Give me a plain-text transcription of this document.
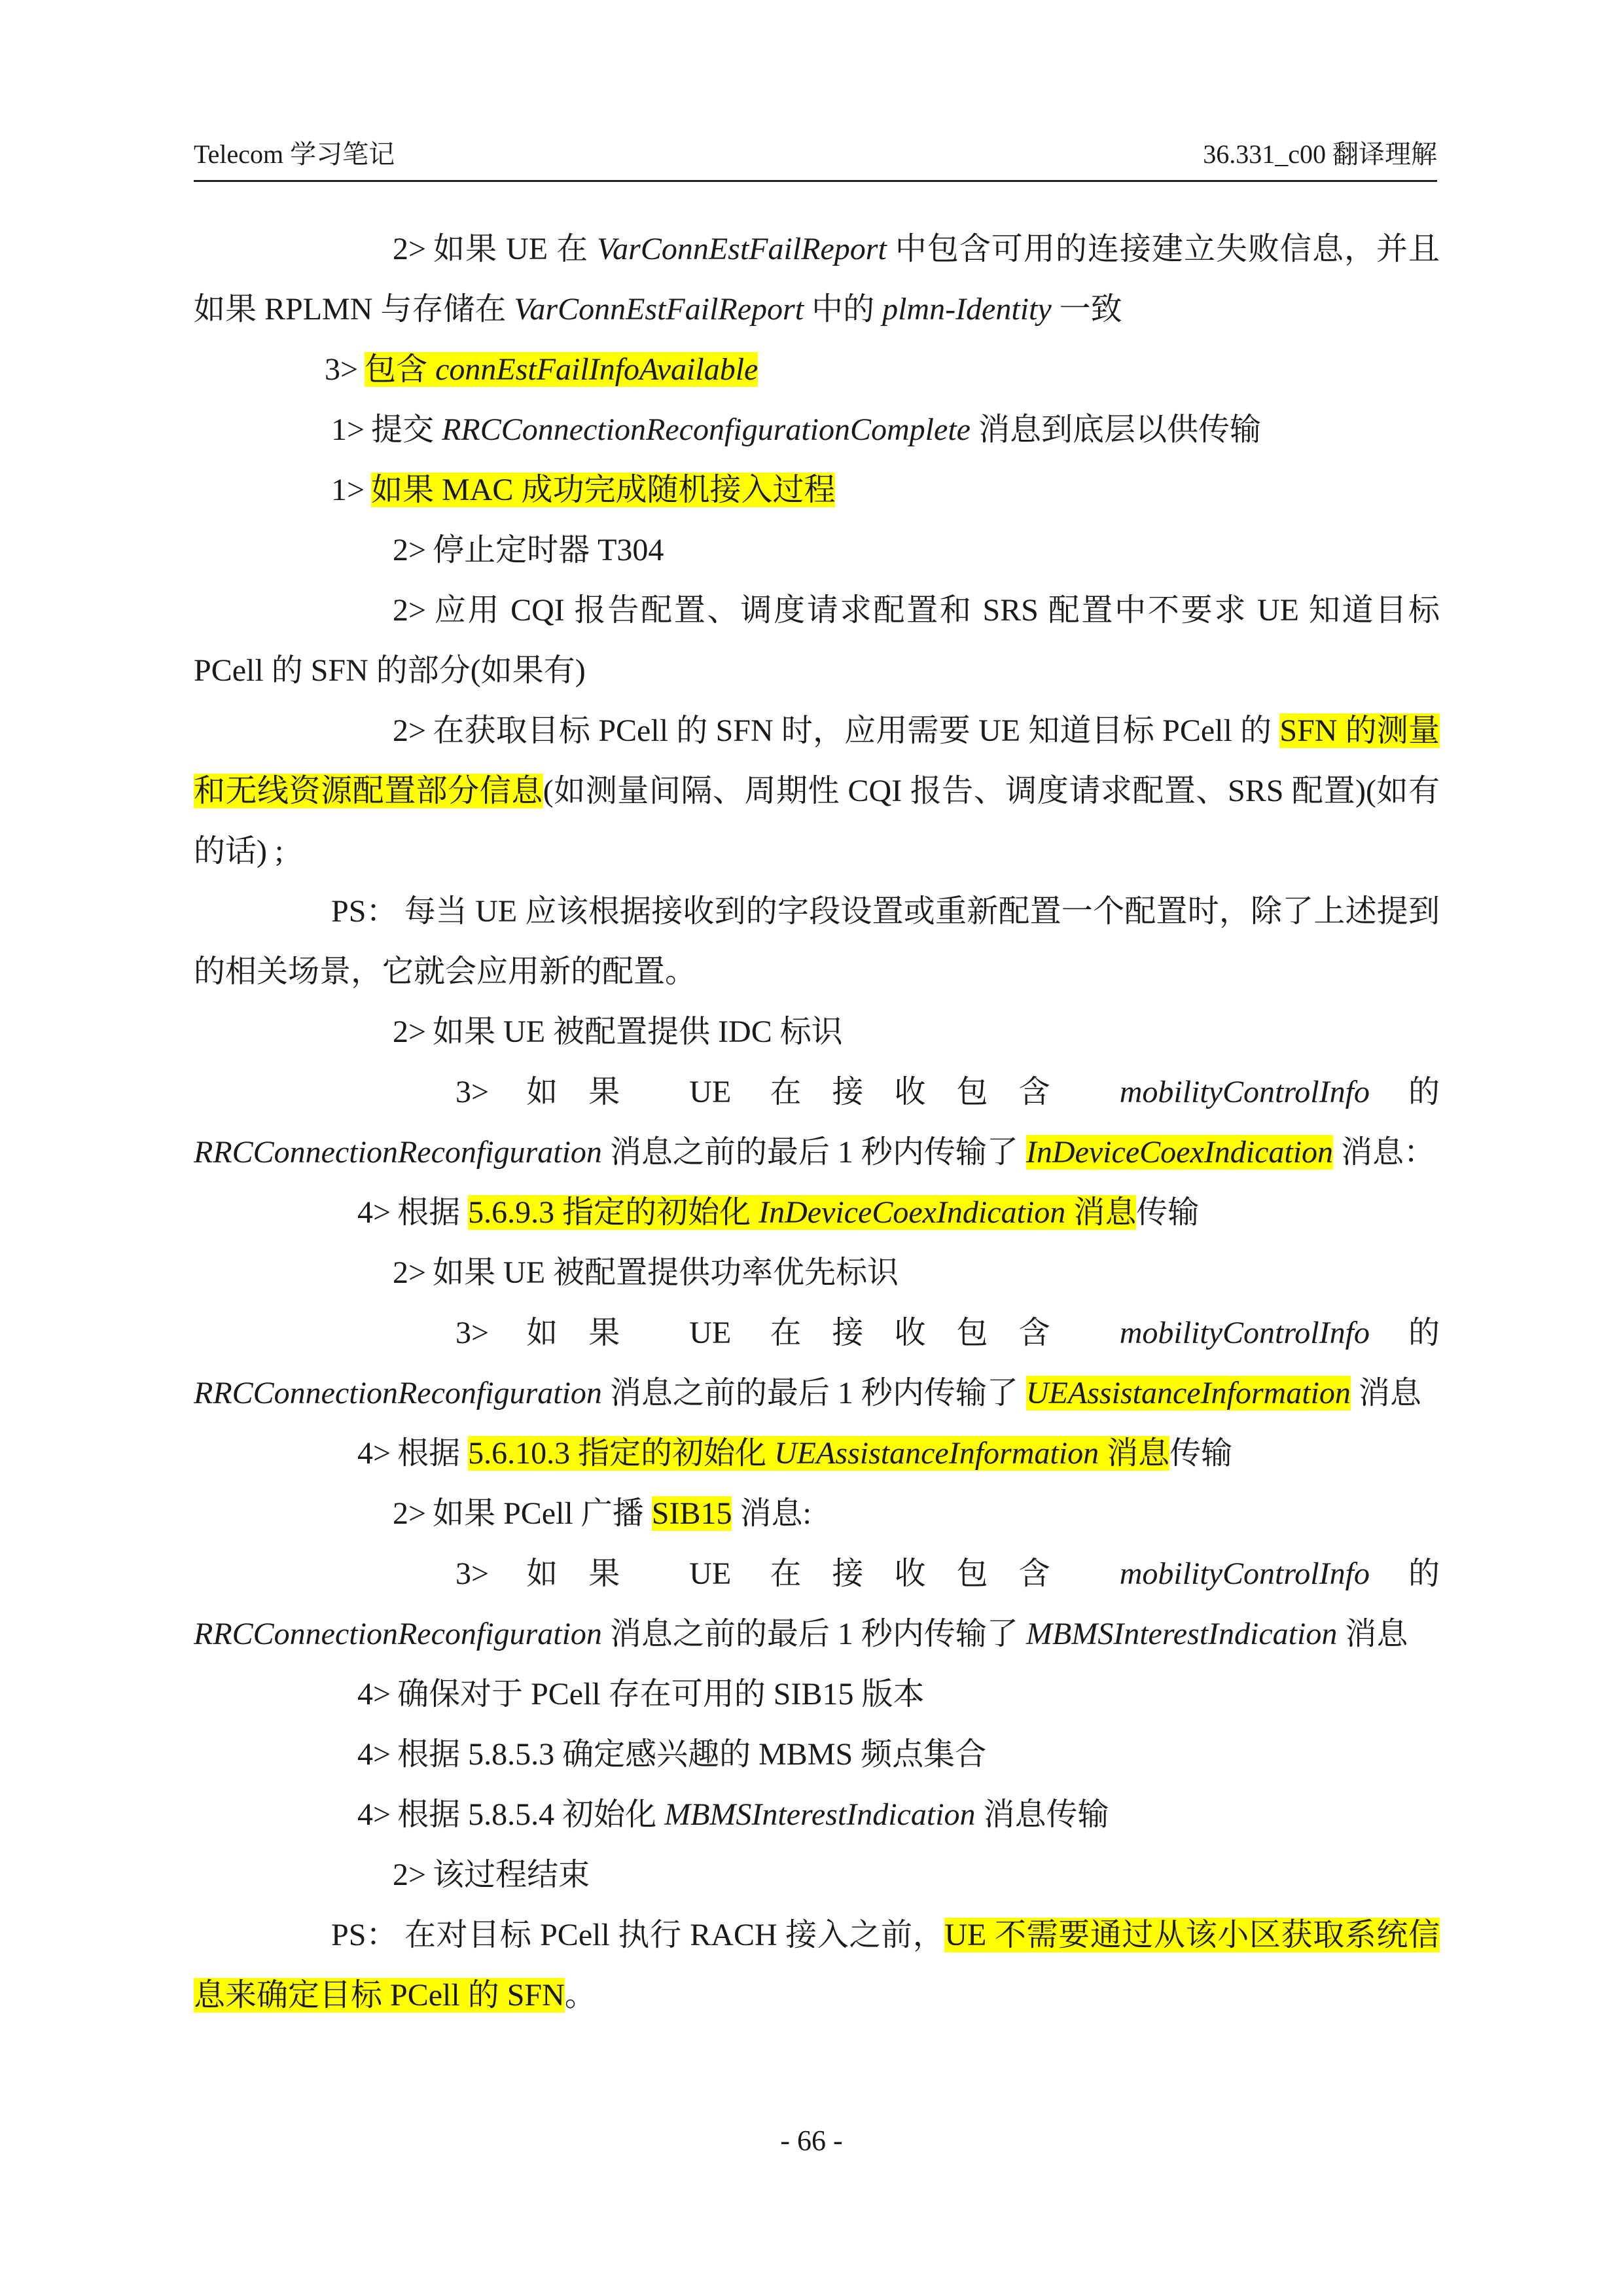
Telecom 学习笔记	36.331_c00 翻译理解

2> 如果 UE 在 VarConnEstFailReport 中包含可用的连接建立失败信息，并且如果 RPLMN 与存储在 VarConnEstFailReport 中的 plmn-Identity 一致

3> 包含 connEstFailInfoAvailable

1> 提交 RRCConnectionReconfigurationComplete 消息到底层以供传输

1> 如果 MAC 成功完成随机接入过程

2> 停止定时器 T304

2> 应用 CQI 报告配置、调度请求配置和 SRS 配置中不要求 UE 知道目标 PCell 的 SFN 的部分(如果有)

2> 在获取目标 PCell 的 SFN 时，应用需要 UE 知道目标 PCell 的 SFN 的测量和无线资源配置部分信息(如测量间隔、周期性 CQI 报告、调度请求配置、SRS 配置)(如有的话) ;

PS： 每当 UE 应该根据接收到的字段设置或重新配置一个配置时，除了上述提到的相关场景，它就会应用新的配置。

2> 如果 UE 被配置提供 IDC 标识

3> 如果 UE 在接收包含 mobilityControlInfo 的 RRCConnectionReconfiguration 消息之前的最后 1 秒内传输了 InDeviceCoexIndication 消息：

4> 根据 5.6.9.3 指定的初始化 InDeviceCoexIndication 消息传输

2> 如果 UE 被配置提供功率优先标识

3> 如果 UE 在接收包含 mobilityControlInfo 的 RRCConnectionReconfiguration 消息之前的最后 1 秒内传输了 UEAssistanceInformation 消息

4> 根据 5.6.10.3 指定的初始化 UEAssistanceInformation 消息传输

2> 如果 PCell 广播 SIB15 消息:

3> 如果 UE 在接收包含 mobilityControlInfo 的 RRCConnectionReconfiguration 消息之前的最后 1 秒内传输了 MBMSInterestIndication 消息

4> 确保对于 PCell 存在可用的 SIB15 版本

4> 根据 5.8.5.3 确定感兴趣的 MBMS 频点集合

4> 根据 5.8.5.4 初始化 MBMSInterestIndication 消息传输

2> 该过程结束

PS： 在对目标 PCell 执行 RACH 接入之前，UE 不需要通过从该小区获取系统信息来确定目标 PCell 的 SFN。

- 66 -
